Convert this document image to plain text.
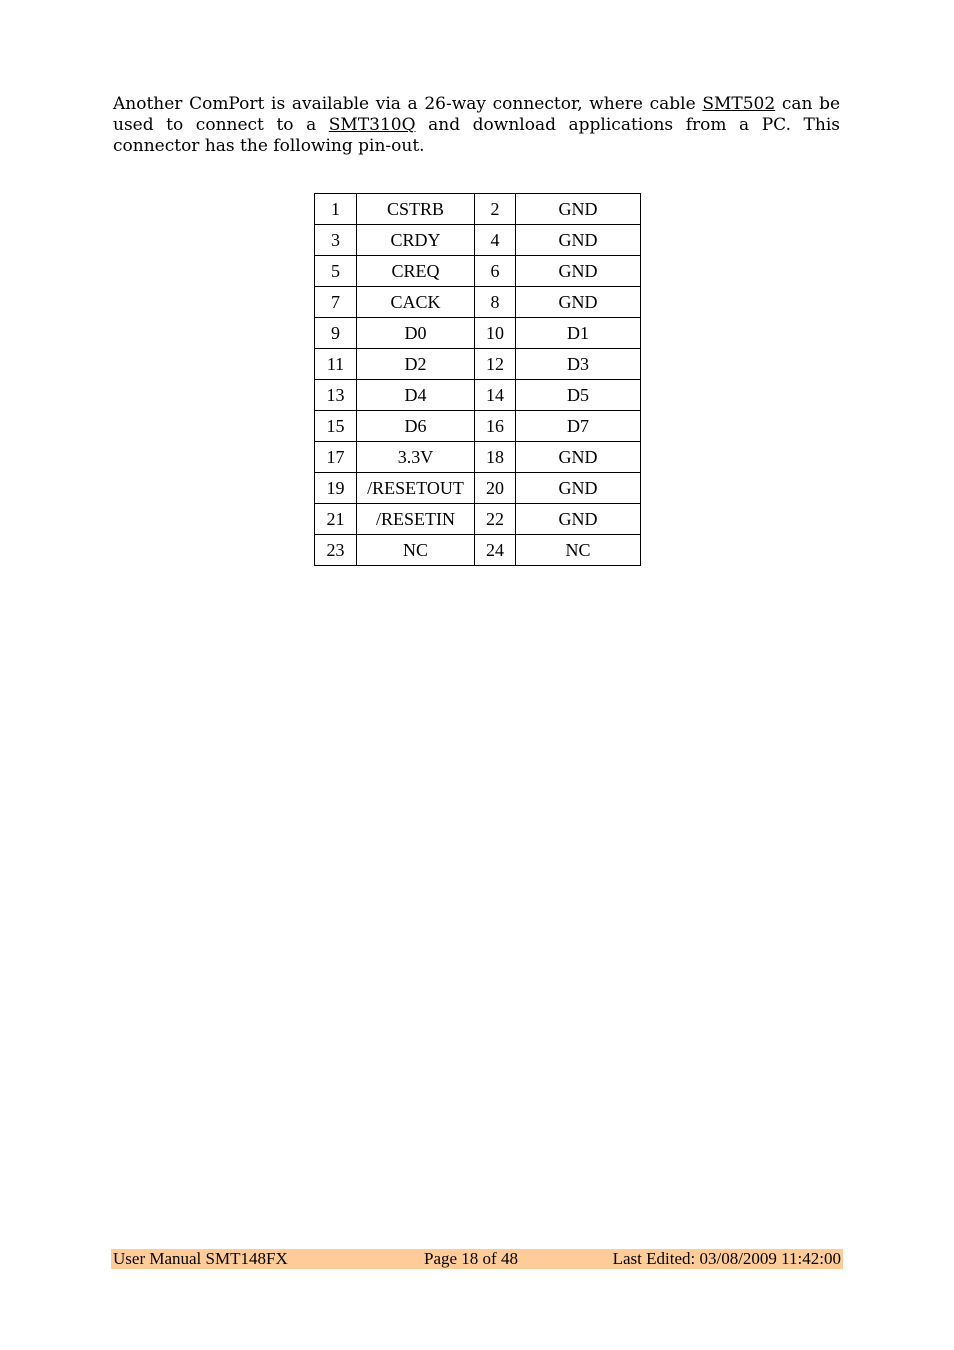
Another ComPort is available via a 26-way connector, where cable SMT502 can be used to connect to a SMT310Q and download applications from a PC. This connector has the following pin-out.

1	CSTRB	2	GND
3	CRDY	4	GND
5	CREQ	6	GND
7	CACK	8	GND
9	D0	10	D1
11	D2	12	D3
13	D4	14	D5
15	D6	16	D7
17	3.3V	18	GND
19	/RESETOUT	20	GND
21	/RESETIN	22	GND
23	NC	24	NC
User Manual SMT148FX	Page 18 of 48	Last Edited: 03/08/2009 11:42:00
